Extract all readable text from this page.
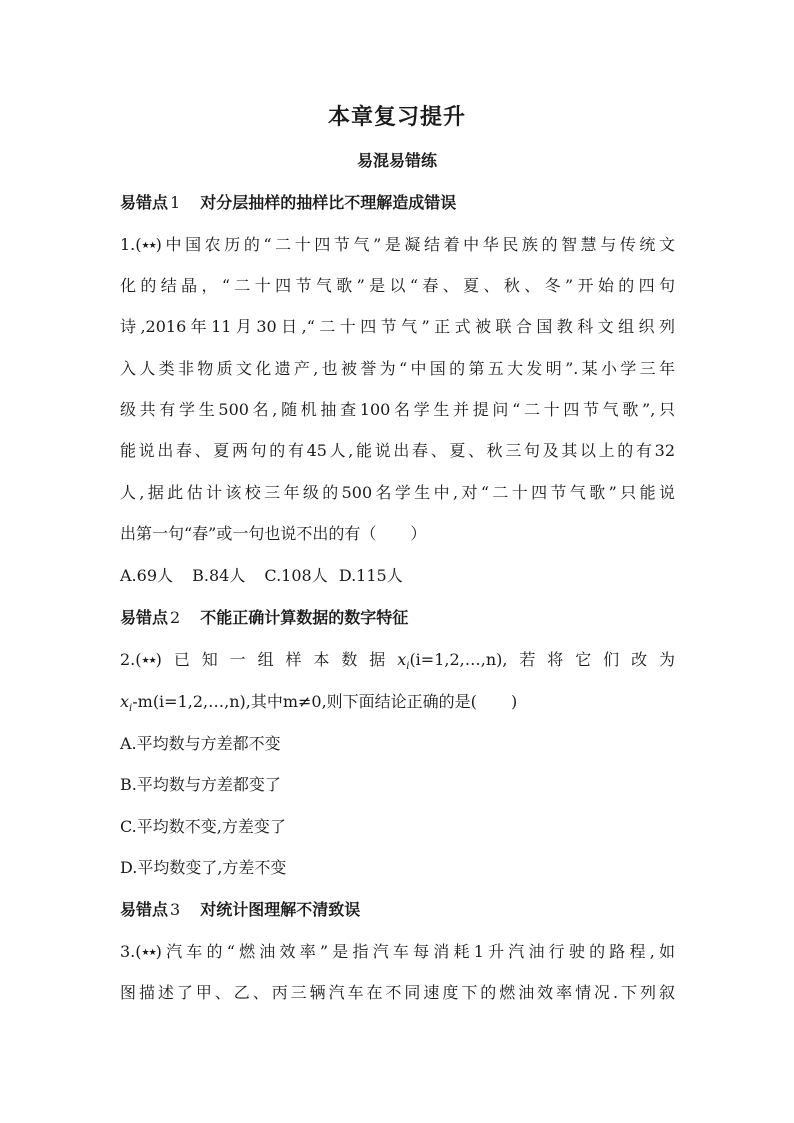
本章复习提升
易混易错练
易错点 1 对分层抽样的抽样比不理解造成错误
1.(★★)中国农历的“二十四节气”是凝结着中华民族的智慧与传统文
化的结晶，“二十四节气歌”是以“春、夏、秋、冬”开始的四句
诗,2016年11月30日,“二十四节气”正式被联合国教科文组织列
入人类非物质文化遗产,也被誉为“中国的第五大发明”.某小学三年
级共有学生500名,随机抽查100名学生并提问“二十四节气歌”,只
能说出春、夏两句的有45人,能说出春、夏、秋三句及其以上的有32
人,据此估计该校三年级的500名学生中,对“二十四节气歌”只能说
出第一句“春”或一句也说不出的有（ ）
A.69人 B.84人 C.108人 D.115人
易错点 2 不能正确计算数据的数字特征
2.(★★)已知一组样本数据$x_i(i=1,2,\dots,n)$,若将它们改为
$x_i-m(i=1,2,\dots,n)$,其中m≠0,则下面结论正确的是( )
A.平均数与方差都不变
B.平均数与方差都变了
C.平均数不变,方差变了
D.平均数变了,方差不变
易错点 3 对统计图理解不清致误
3.(★★)汽车的“燃油效率”是指汽车每消耗1升汽油行驶的路程,如
图描述了甲、乙、丙三辆汽车在不同速度下的燃油效率情况.下列叙
